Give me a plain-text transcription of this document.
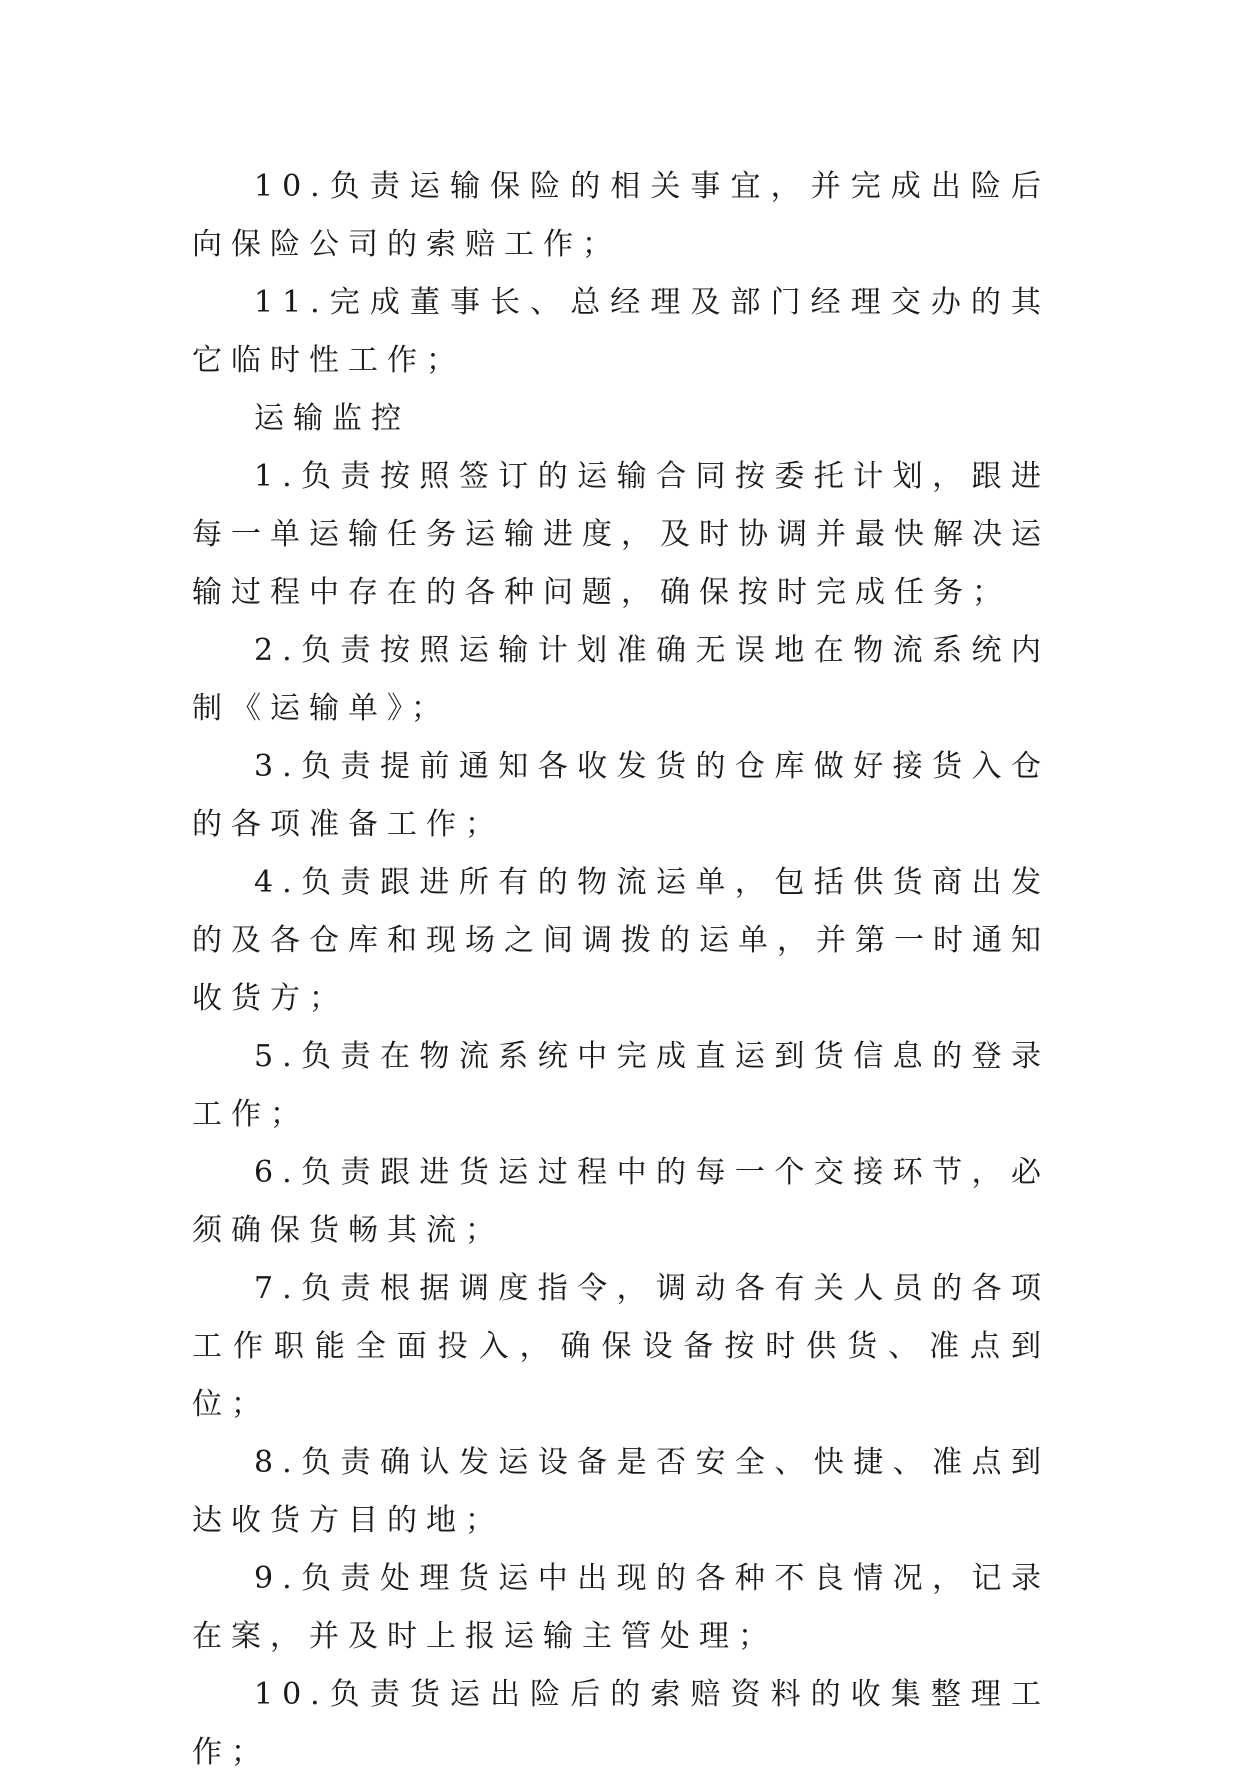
10.负责运输保险的相关事宜，并完成出险后向保险公司的索赔工作；

11.完成董事长、总经理及部门经理交办的其它临时性工作；

运输监控

1.负责按照签订的运输合同按委托计划，跟进每一单运输任务运输进度，及时协调并最快解决运输过程中存在的各种问题，确保按时完成任务；

2.负责按照运输计划准确无误地在物流系统内制《运输单》；

3.负责提前通知各收发货的仓库做好接货入仓的各项准备工作；

4.负责跟进所有的物流运单，包括供货商出发的及各仓库和现场之间调拨的运单，并第一时通知收货方；

5.负责在物流系统中完成直运到货信息的登录工作；

6.负责跟进货运过程中的每一个交接环节，必须确保货畅其流；

7.负责根据调度指令，调动各有关人员的各项工作职能全面投入，确保设备按时供货、准点到位；

8.负责确认发运设备是否安全、快捷、准点到达收货方目的地；

9.负责处理货运中出现的各种不良情况，记录在案，并及时上报运输主管处理；

10.负责货运出险后的索赔资料的收集整理工作；
